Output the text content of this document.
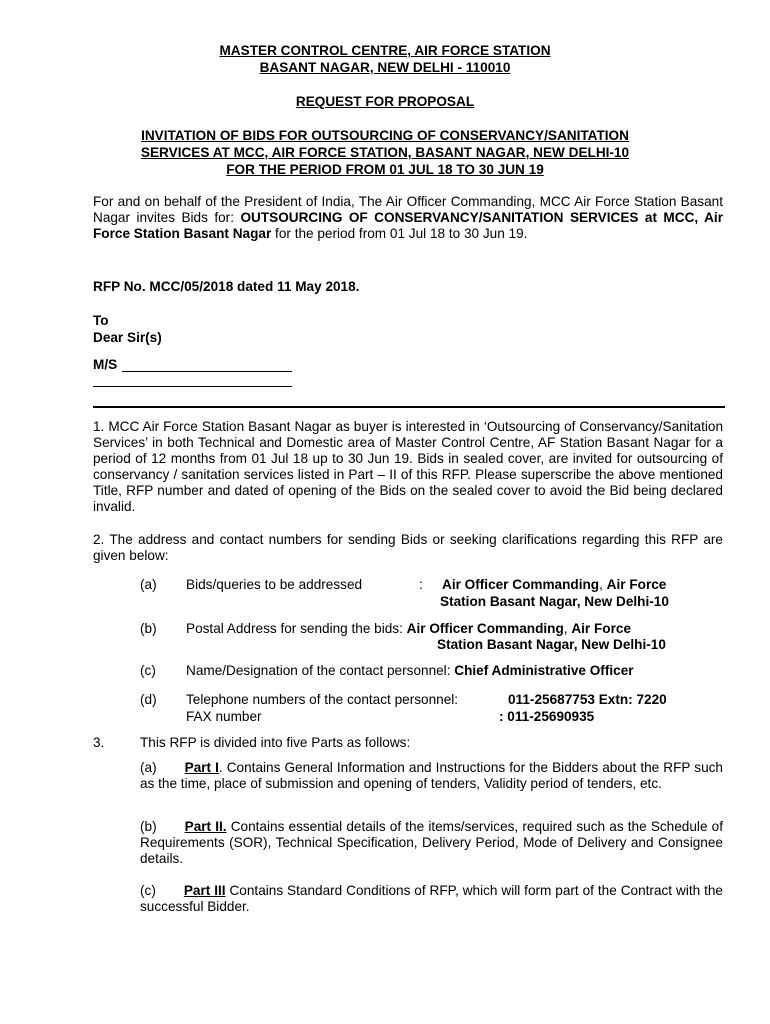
MASTER CONTROL CENTRE, AIR FORCE STATION
BASANT NAGAR, NEW DELHI - 110010
REQUEST FOR PROPOSAL
INVITATION OF BIDS FOR OUTSOURCING OF CONSERVANCY/SANITATION
SERVICES AT MCC, AIR FORCE STATION, BASANT NAGAR, NEW DELHI-10
FOR THE PERIOD FROM 01 JUL 18 TO 30 JUN 19
For and on behalf of the President of India, The Air Officer Commanding, MCC Air Force Station Basant Nagar invites Bids for: OUTSOURCING OF CONSERVANCY/SANITATION SERVICES at MCC, Air Force Station Basant Nagar for the period from 01 Jul 18 to 30 Jun 19.
RFP No. MCC/05/2018 dated 11 May 2018.
To
Dear Sir(s)
M/S
1. MCC Air Force Station Basant Nagar as buyer is interested in ‘Outsourcing of Conservancy/Sanitation Services’ in both Technical and Domestic area of Master Control Centre, AF Station Basant Nagar for a period of 12 months from 01 Jul 18 up to 30 Jun 19. Bids in sealed cover, are invited for outsourcing of conservancy / sanitation services listed in Part – II of this RFP. Please superscribe the above mentioned Title, RFP number and dated of opening of the Bids on the sealed cover to avoid the Bid being declared invalid.
2. The address and contact numbers for sending Bids or seeking clarifications regarding this RFP are given below:
(a) Bids/queries to be addressed	: Air Officer Commanding, Air Force
Station Basant Nagar, New Delhi-10
(b) Postal Address for sending the bids: Air Officer Commanding, Air Force
Station Basant Nagar, New Delhi-10
(c) Name/Designation of the contact personnel: Chief Administrative Officer
(d) Telephone numbers of the contact personnel:	011-25687753 Extn: 7220
FAX number	: 011-25690935
3.	This RFP is divided into five Parts as follows:
(a) Part I. Contains General Information and Instructions for the Bidders about the RFP such as the time, place of submission and opening of tenders, Validity period of tenders, etc.
(b) Part II. Contains essential details of the items/services, required such as the Schedule of Requirements (SOR), Technical Specification, Delivery Period, Mode of Delivery and Consignee details.
(c) Part III Contains Standard Conditions of RFP, which will form part of the Contract with the successful Bidder.
